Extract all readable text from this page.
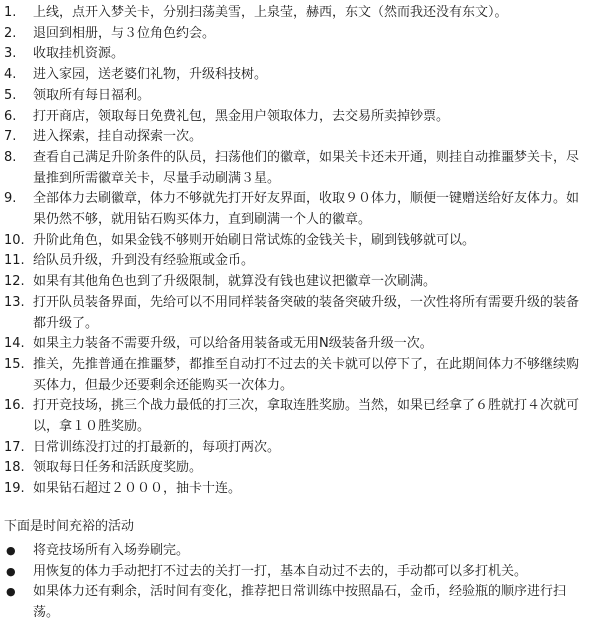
1.	上线，点开入梦关卡，分别扫荡美雪，上泉莹，赫西，东文（然而我还没有东文）。
2.	退回到相册，与３位角色约会。
3.	收取挂机资源。
4.	进入家园，送老婆们礼物，升级科技树。
5.	领取所有每日福利。
6.	打开商店，领取每日免费礼包，黑金用户领取体力，去交易所卖掉钞票。
7.	进入探索，挂自动探索一次。
8.	查看自己满足升阶条件的队员，扫荡他们的徽章，如果关卡还未开通，则挂自动推噩梦关卡，尽量推到所需徽章关卡，尽量手动刷满３星。
9.	全部体力去刷徽章，体力不够就先打开好友界面，收取９０体力，顺便一键赠送给好友体力。如果仍然不够，就用钻石购买体力，直到刷满一个人的徽章。
10. 升阶此角色，如果金钱不够则开始刷日常试炼的金钱关卡，刷到钱够就可以。
11. 给队员升级，升到没有经验瓶或金币。
12. 如果有其他角色也到了升级限制，就算没有钱也建议把徽章一次刷满。
13. 打开队员装备界面，先给可以不用同样装备突破的装备突破升级，一次性将所有需要升级的装备都升级了。
14. 如果主力装备不需要升级，可以给备用装备或无用N级装备升级一次。
15. 推关，先推普通在推噩梦，都推至自动打不过去的关卡就可以停下了，在此期间体力不够继续购买体力，但最少还要剩余还能购买一次体力。
16. 打开竞技场，挑三个战力最低的打三次，拿取连胜奖励。当然，如果已经拿了６胜就打４次就可以，拿１０胜奖励。
17. 日常训练没打过的打最新的，每项打两次。
18. 领取每日任务和活跃度奖励。
19. 如果钻石超过２０００，抽卡十连。
下面是时间充裕的活动
●	将竞技场所有入场券刷完。
●	用恢复的体力手动把打不过去的关打一打，基本自动过不去的，手动都可以多打机关。
●	如果体力还有剩余，活时间有变化，推荐把日常训练中按照晶石，金币，经验瓶的顺序进行扫荡。
